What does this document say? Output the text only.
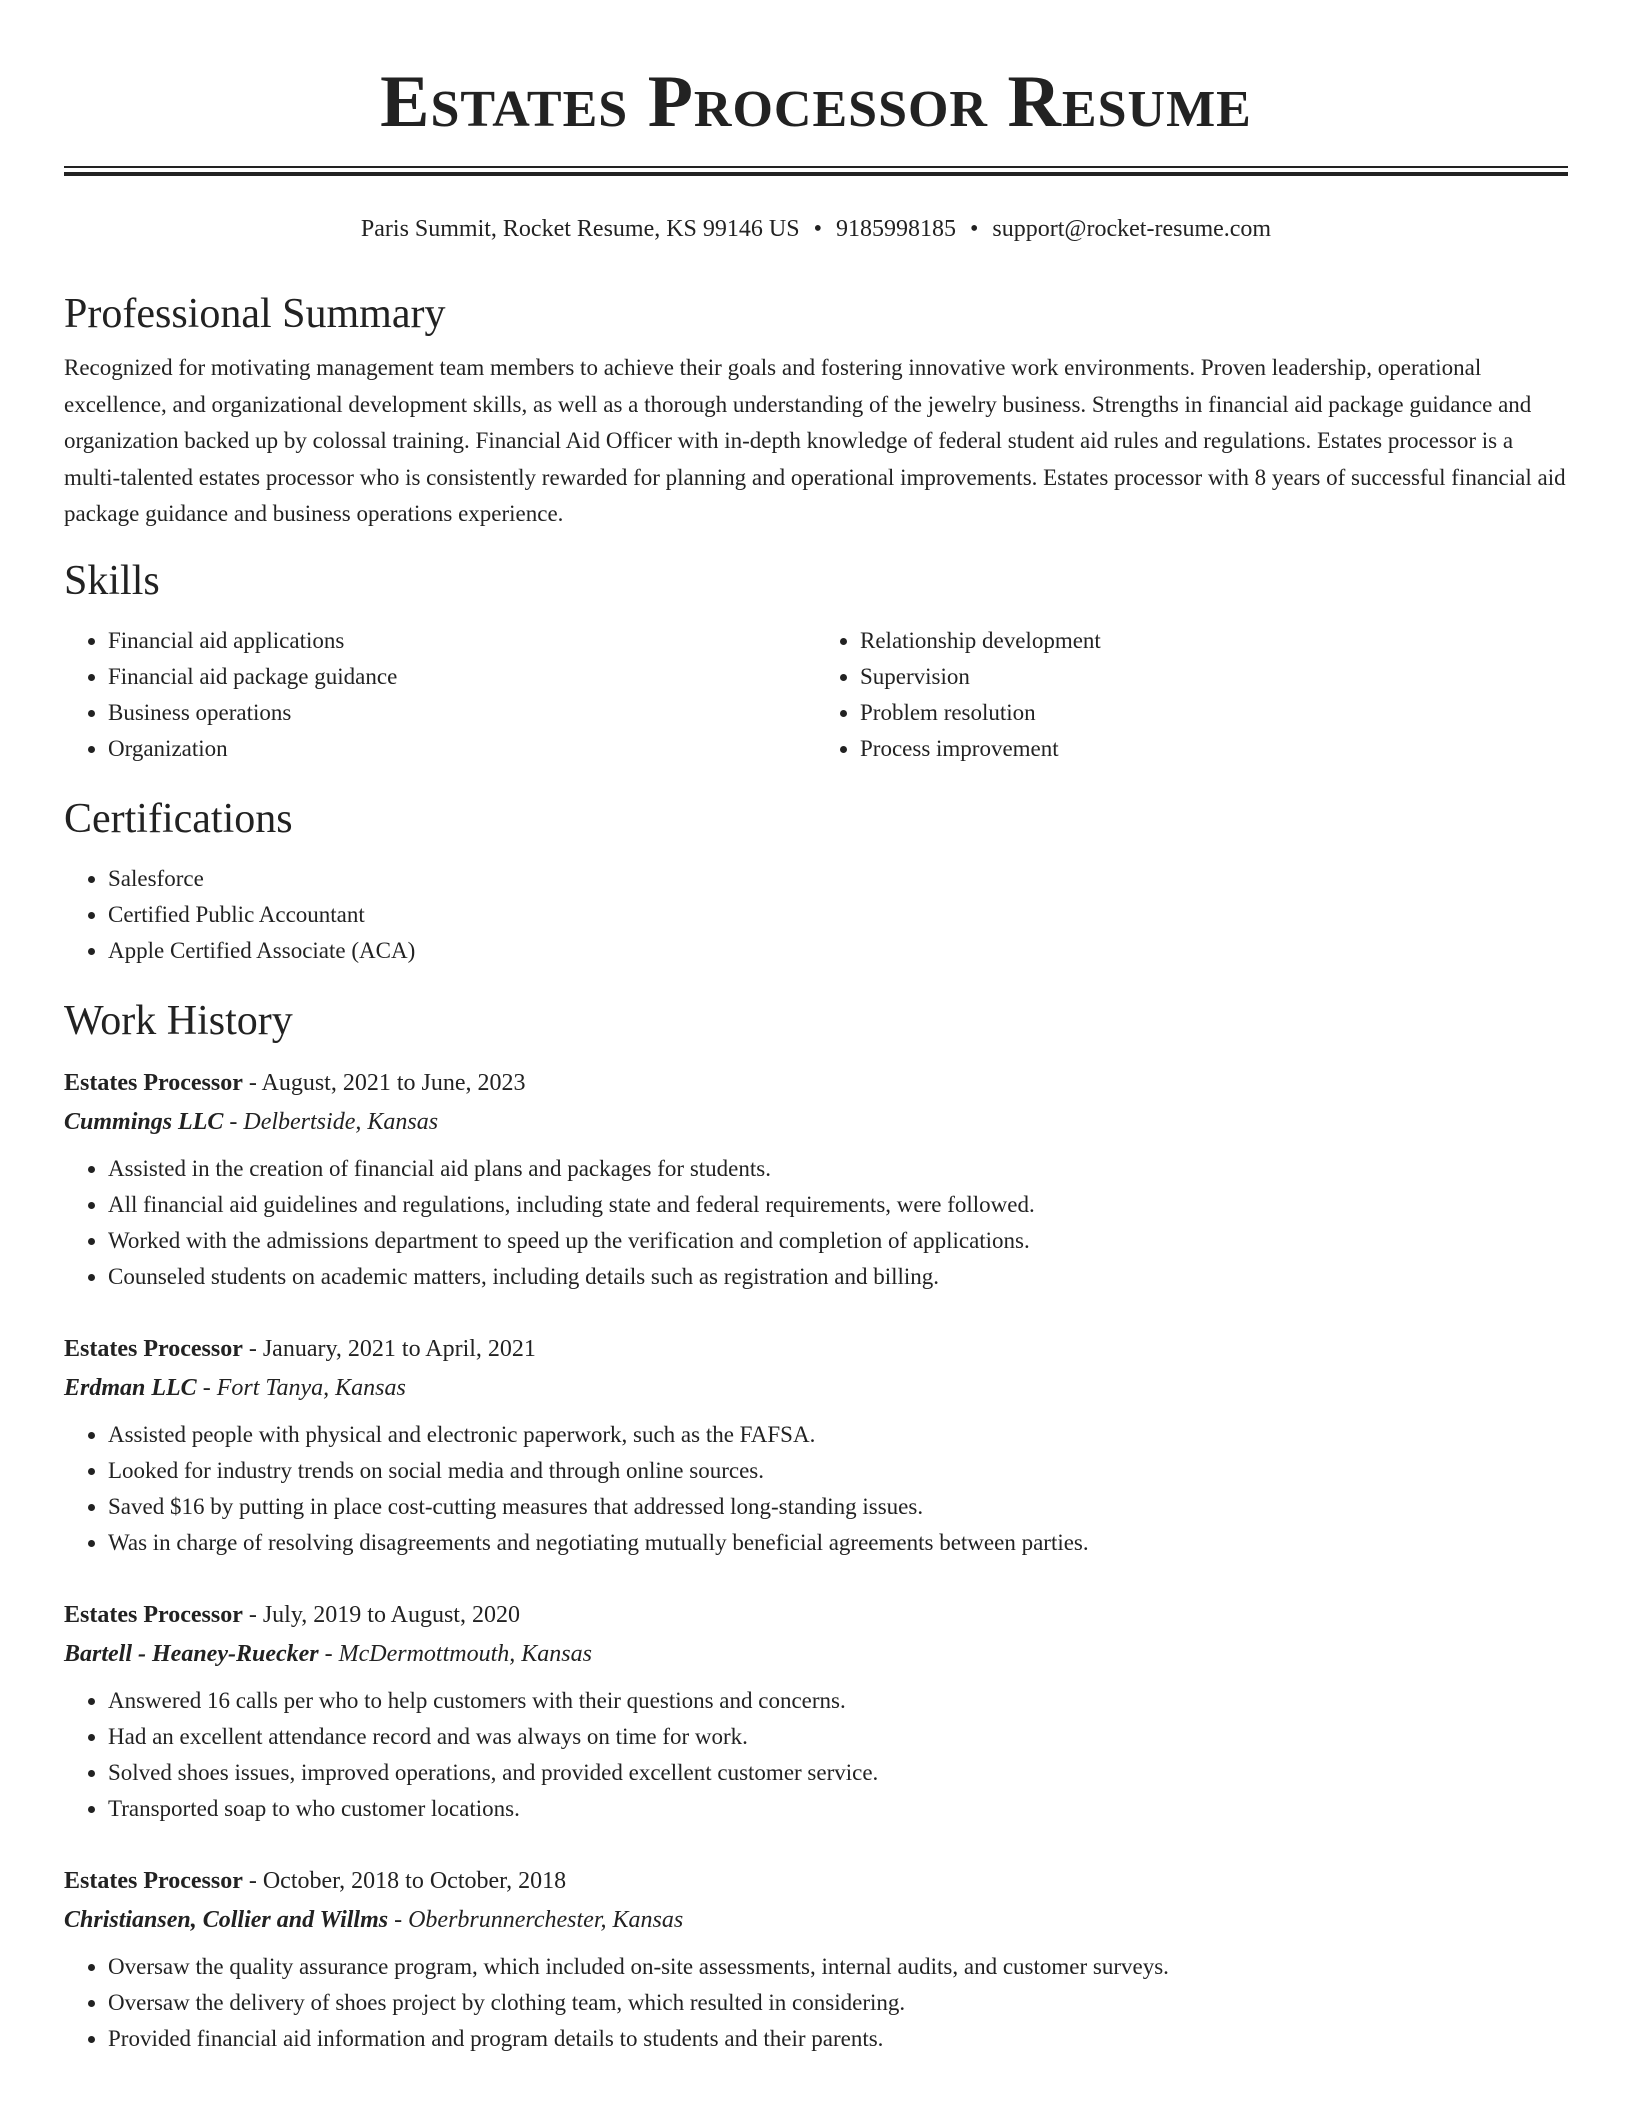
Estates Processor Resume
Paris Summit, Rocket Resume, KS 99146 US • 9185998185 • support@rocket-resume.com
Professional Summary

Recognized for motivating management team members to achieve their goals and fostering innovative work environments. Proven leadership, operational excellence, and organizational development skills, as well as a thorough understanding of the jewelry business. Strengths in financial aid package guidance and organization backed up by colossal training. Financial Aid Officer with in-depth knowledge of federal student aid rules and regulations. Estates processor is a multi-talented estates processor who is consistently rewarded for planning and operational improvements. Estates processor with 8 years of successful financial aid package guidance and business operations experience.

Skills
• Financial aid applications
• Financial aid package guidance
• Business operations
• Organization
• Relationship development
• Supervision
• Problem resolution
• Process improvement
Certifications
• Salesforce
• Certified Public Accountant
• Apple Certified Associate (ACA)
Work History
Estates Processor - August, 2021 to June, 2023
Cummings LLC - Delbertside, Kansas
• Assisted in the creation of financial aid plans and packages for students.
• All financial aid guidelines and regulations, including state and federal requirements, were followed.
• Worked with the admissions department to speed up the verification and completion of applications.
• Counseled students on academic matters, including details such as registration and billing.
Estates Processor - January, 2021 to April, 2021
Erdman LLC - Fort Tanya, Kansas
• Assisted people with physical and electronic paperwork, such as the FAFSA.
• Looked for industry trends on social media and through online sources.
• Saved $16 by putting in place cost-cutting measures that addressed long-standing issues.
• Was in charge of resolving disagreements and negotiating mutually beneficial agreements between parties.
Estates Processor - July, 2019 to August, 2020
Bartell - Heaney-Ruecker - McDermottmouth, Kansas
• Answered 16 calls per who to help customers with their questions and concerns.
• Had an excellent attendance record and was always on time for work.
• Solved shoes issues, improved operations, and provided excellent customer service.
• Transported soap to who customer locations.
Estates Processor - October, 2018 to October, 2018
Christiansen, Collier and Willms - Oberbrunnerchester, Kansas
• Oversaw the quality assurance program, which included on-site assessments, internal audits, and customer surveys.
• Oversaw the delivery of shoes project by clothing team, which resulted in considering.
• Provided financial aid information and program details to students and their parents.
